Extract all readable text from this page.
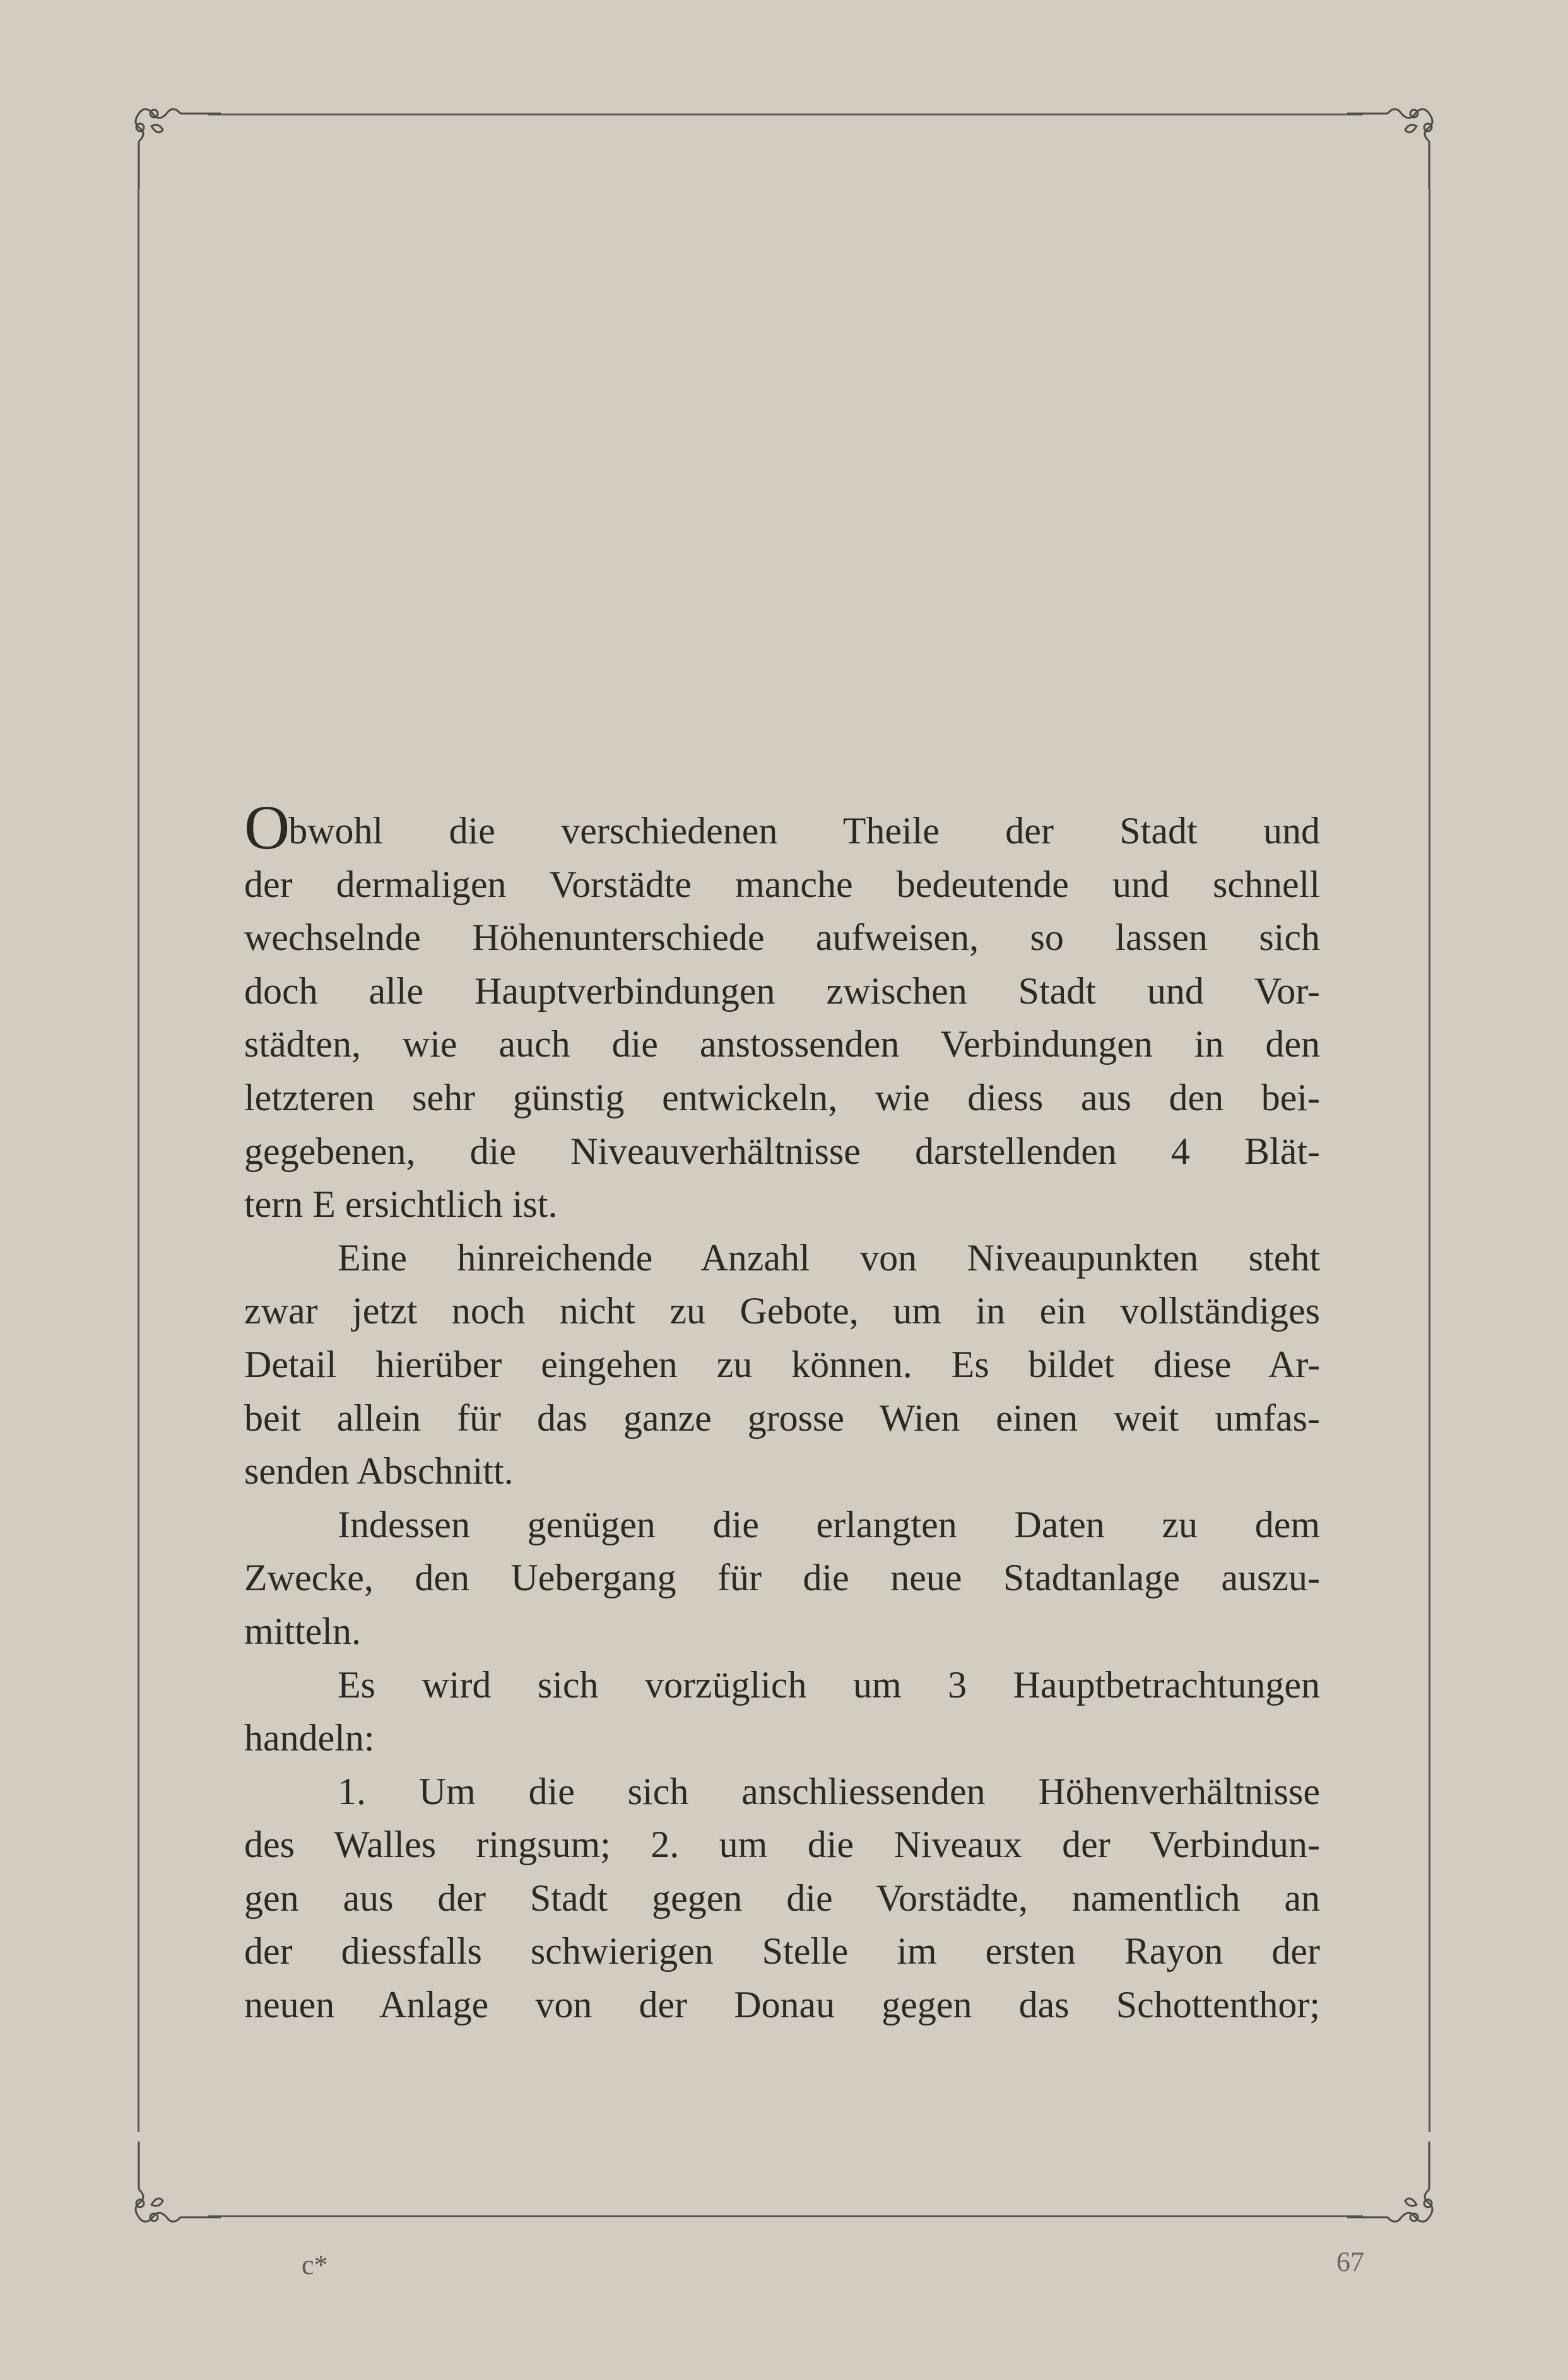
Obwohl die verschiedenen Theile der Stadt und
der dermaligen Vorstädte manche bedeutende und schnell
wechselnde Höhenunterschiede aufweisen, so lassen sich
doch alle Hauptverbindungen zwischen Stadt und Vor-
städten, wie auch die anstossenden Verbindungen in den
letzteren sehr günstig entwickeln, wie diess aus den bei-
gegebenen, die Niveauverhältnisse darstellenden 4 Blät-
tern E ersichtlich ist.
Eine hinreichende Anzahl von Niveaupunkten steht
zwar jetzt noch nicht zu Gebote, um in ein vollständiges
Detail hierüber eingehen zu können. Es bildet diese Ar-
beit allein für das ganze grosse Wien einen weit umfas-
senden Abschnitt.
Indessen genügen die erlangten Daten zu dem
Zwecke, den Uebergang für die neue Stadtanlage auszu-
mitteln.
Es wird sich vorzüglich um 3 Hauptbetrachtungen
handeln:
1. Um die sich anschliessenden Höhenverhältnisse
des Walles ringsum; 2. um die Niveaux der Verbindun-
gen aus der Stadt gegen die Vorstädte, namentlich an
der diessfalls schwierigen Stelle im ersten Rayon der
neuen Anlage von der Donau gegen das Schottenthor;
c*	67
